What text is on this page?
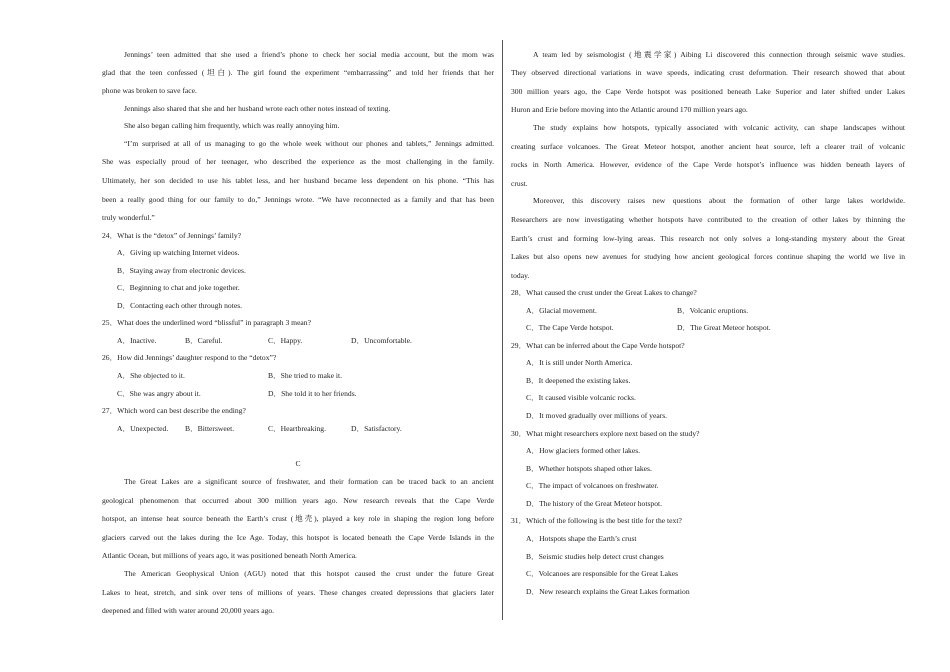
Jennings’ teen admitted that she used a friend’s phone to check her social media account, but the mom was
glad that the teen confessed (坦白). The girl found the experiment “embarrassing” and told her friends that her
phone was broken to save face.
Jennings also shared that she and her husband wrote each other notes instead of texting.
She also began calling him frequently, which was really annoying him.
“I’m surprised at all of us managing to go the whole week without our phones and tablets,” Jennings admitted.
She was especially proud of her teenager, who described the experience as the most challenging in the family.
Ultimately, her son decided to use his tablet less, and her husband became less dependent on his phone. “This has
been a really good thing for our family to do,” Jennings wrote. “We have reconnected as a family and that has been
truly wonderful.”
24．What is the “detox” of Jennings’ family?
A．Giving up watching Internet videos.
B．Staying away from electronic devices.
C．Beginning to chat and joke together.
D．Contacting each other through notes.
25．What does the underlined word “blissful” in paragraph 3 mean?
A．Inactive.	B．Careful.	C．Happy.	D．Uncomfortable.
26．How did Jennings’ daughter respond to the “detox”?
A．She objected to it.	B．She tried to make it.
C．She was angry about it.	D．She told it to her friends.
27．Which word can best describe the ending?
A．Unexpected. B．Bittersweet.	C．Heartbreaking.	D．Satisfactory.
C
The Great Lakes are a significant source of freshwater, and their formation can be traced back to an ancient
geological phenomenon that occurred about 300 million years ago. New research reveals that the Cape Verde
hotspot, an intense heat source beneath the Earth’s crust (地壳), played a key role in shaping the region long before
glaciers carved out the lakes during the Ice Age. Today, this hotspot is located beneath the Cape Verde Islands in the
Atlantic Ocean, but millions of years ago, it was positioned beneath North America.
The American Geophysical Union (AGU) noted that this hotspot caused the crust under the future Great
Lakes to heat, stretch, and sink over tens of millions of years. These changes created depressions that glaciers later
deepened and filled with water around 20,000 years ago.
A team led by seismologist (地震学家) Aibing Li discovered this connection through seismic wave studies.
They observed directional variations in wave speeds, indicating crust deformation. Their research showed that about
300 million years ago, the Cape Verde hotspot was positioned beneath Lake Superior and later shifted under Lakes
Huron and Erie before moving into the Atlantic around 170 million years ago.
The study explains how hotspots, typically associated with volcanic activity, can shape landscapes without
creating surface volcanoes. The Great Meteor hotspot, another ancient heat source, left a clearer trail of volcanic
rocks in North America. However, evidence of the Cape Verde hotspot’s influence was hidden beneath layers of
crust.
Moreover, this discovery raises new questions about the formation of other large lakes worldwide.
Researchers are now investigating whether hotspots have contributed to the creation of other lakes by thinning the
Earth’s crust and forming low-lying areas. This research not only solves a long-standing mystery about the Great
Lakes but also opens new avenues for studying how ancient geological forces continue shaping the world we live in
today.
28．What caused the crust under the Great Lakes to change?
A．Glacial movement.	B．Volcanic eruptions.
C．The Cape Verde hotspot.	D．The Great Meteor hotspot.
29．What can be inferred about the Cape Verde hotspot?
A．It is still under North America.
B．It deepened the existing lakes.
C．It caused visible volcanic rocks.
D．It moved gradually over millions of years.
30．What might researchers explore next based on the study?
A．How glaciers formed other lakes.
B．Whether hotspots shaped other lakes.
C．The impact of volcanoes on freshwater.
D．The history of the Great Meteor hotspot.
31．Which of the following is the best title for the text?
A．Hotspots shape the Earth’s crust
B．Seismic studies help detect crust changes
C．Volcanoes are responsible for the Great Lakes
D．New research explains the Great Lakes formation
